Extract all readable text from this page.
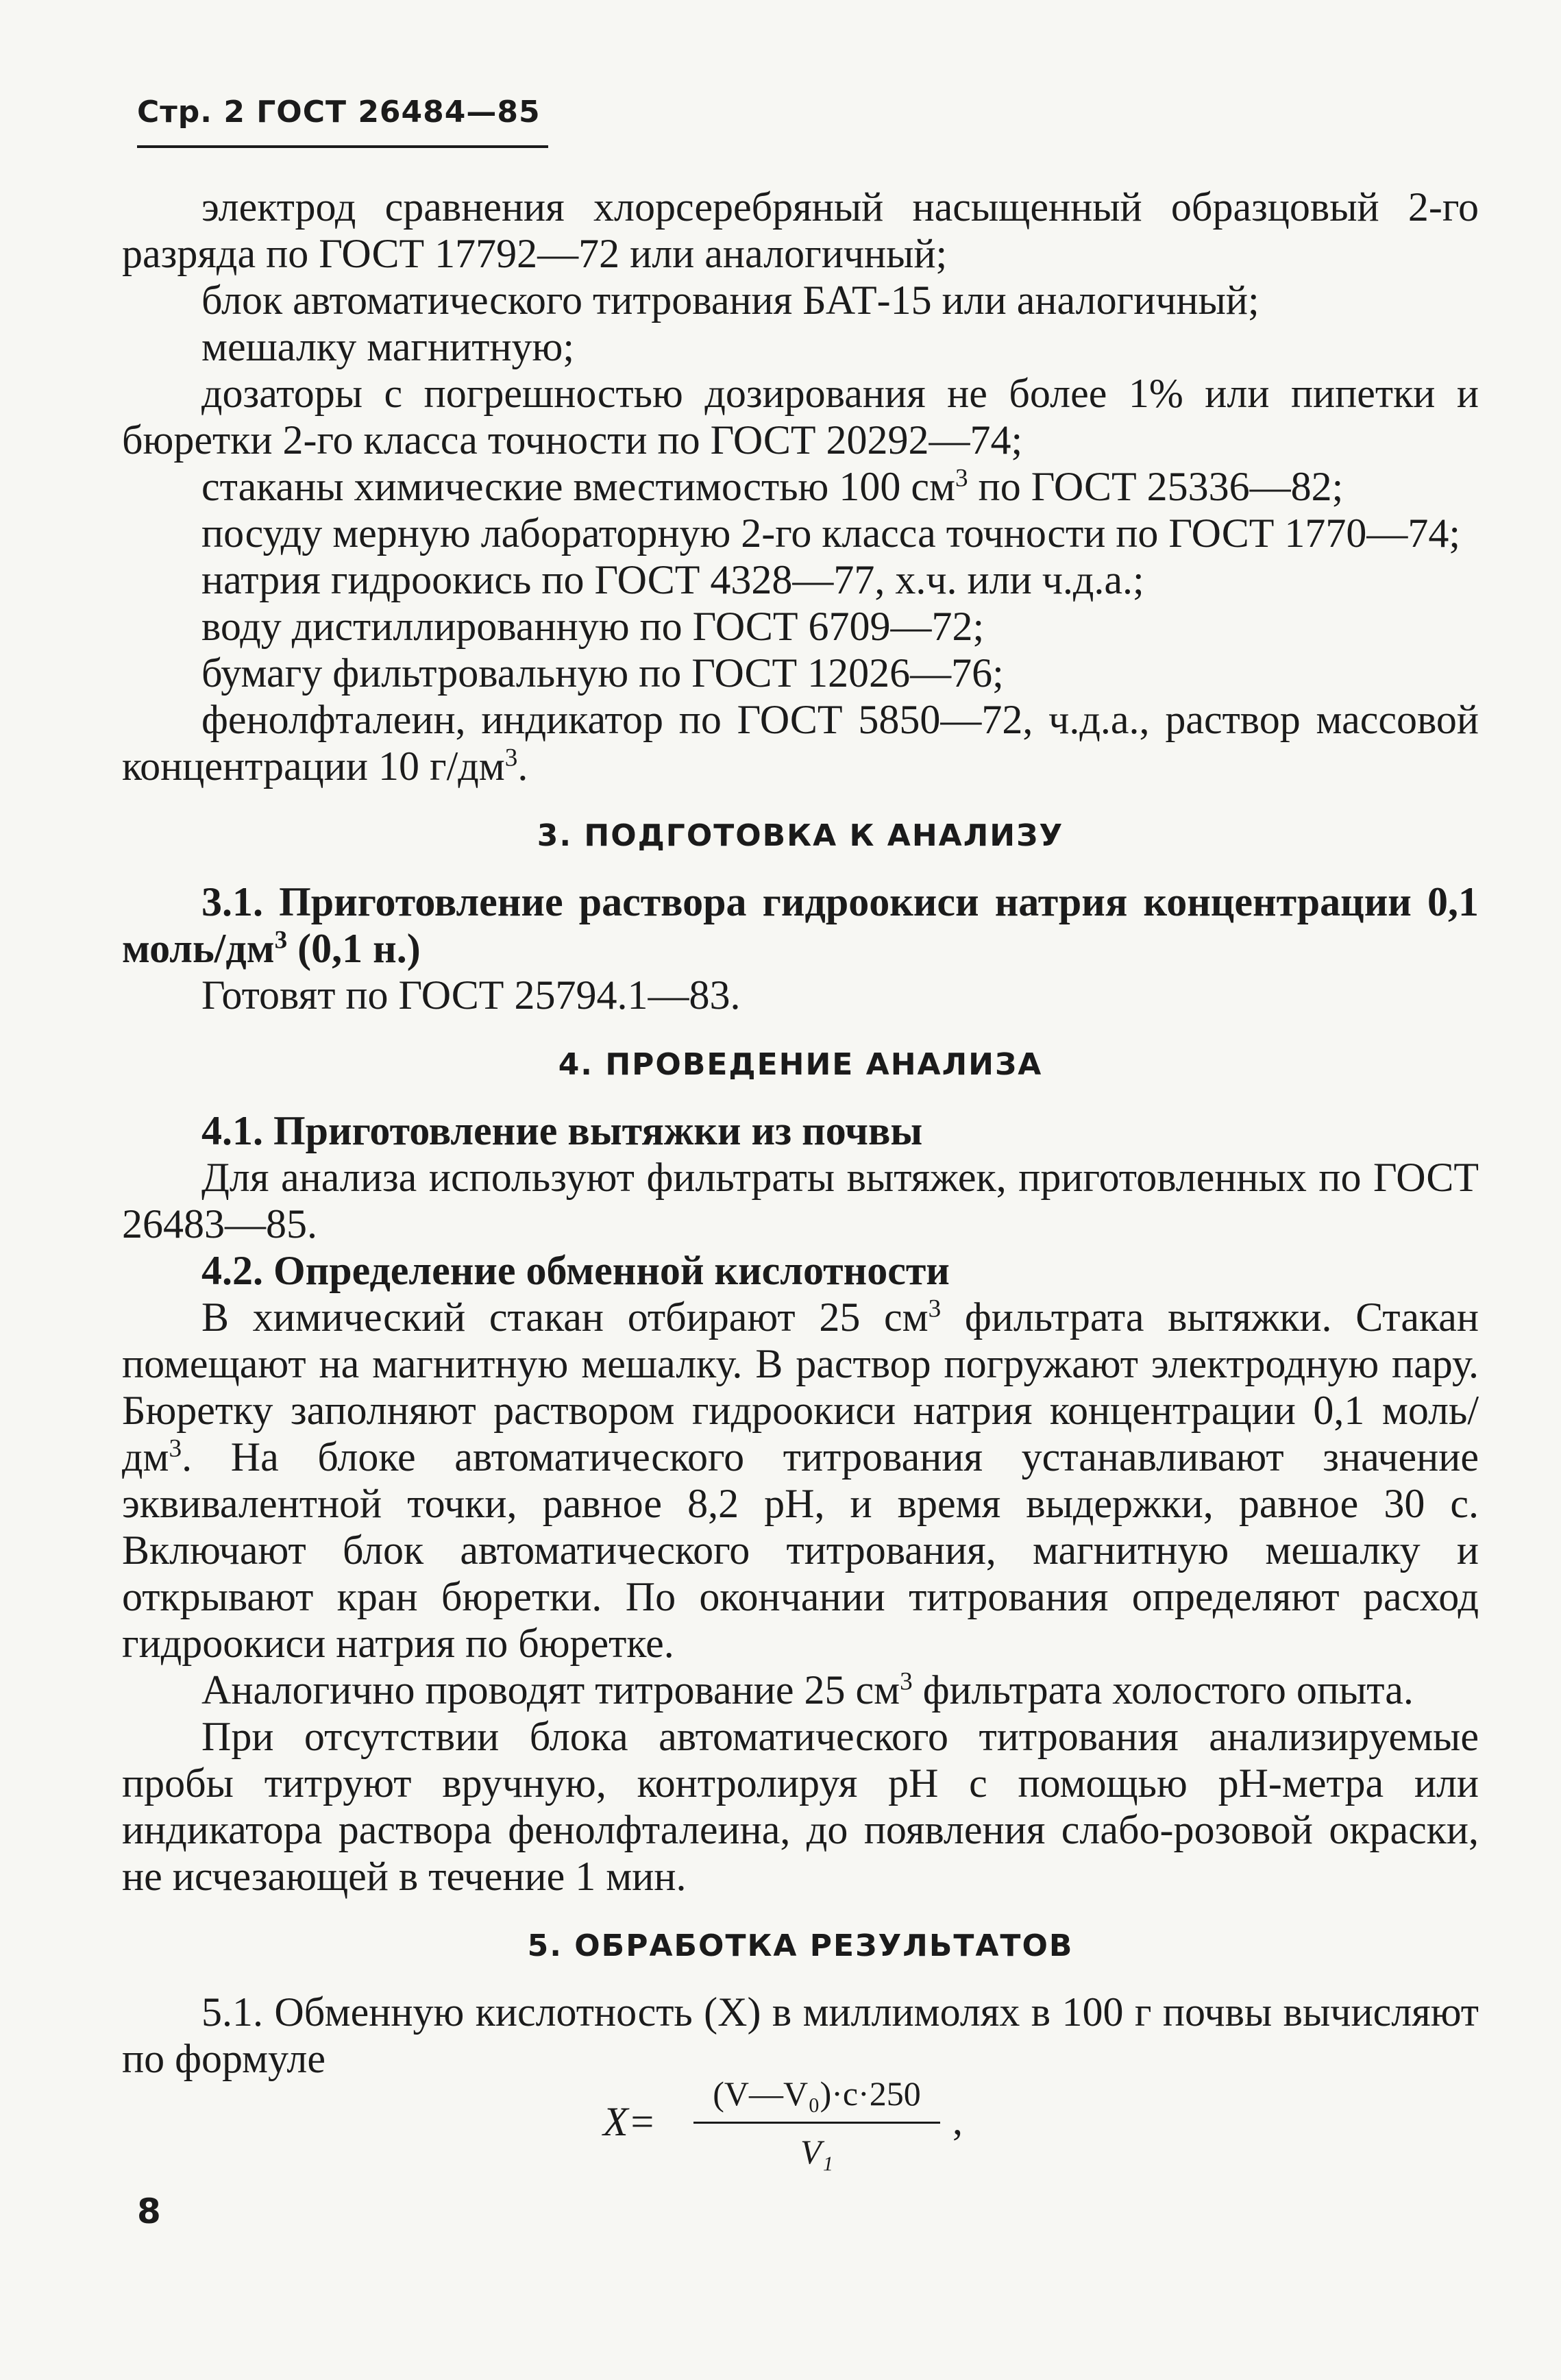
Стр. 2 ГОСТ 26484—85

электрод сравнения хлорсеребряный насыщенный образцовый 2-го разряда по ГОСТ 17792—72 или аналогичный;

блок автоматического титрования БАТ-15 или аналогичный;

мешалку магнитную;

дозаторы с погрешностью дозирования не более 1% или пипетки и бюретки 2-го класса точности по ГОСТ 20292—74;

стаканы химические вместимостью 100 $см^3$ по ГОСТ 25336—82;

посуду мерную лабораторную 2-го класса точности по ГОСТ 1770—74;

натрия гидроокись по ГОСТ 4328—77, х.ч. или ч.д.а.;

воду дистиллированную по ГОСТ 6709—72;

бумагу фильтровальную по ГОСТ 12026—76;

фенолфталеин, индикатор по ГОСТ 5850—72, ч.д.а., раствор массовой концентрации 10 $г/дм^3$.

3. ПОДГОТОВКА К АНАЛИЗУ

3.1. Приготовление раствора гидроокиси натрия концентрации 0,1 моль/$дм^3$ (0,1 н.)

Готовят по ГОСТ 25794.1—83.

4. ПРОВЕДЕНИЕ АНАЛИЗА

4.1. Приготовление вытяжки из почвы

Для анализа используют фильтраты вытяжек, приготовленных по ГОСТ 26483—85.

4.2. Определение обменной кислотности

В химический стакан отбирают 25 $см^3$ фильтрата вытяжки. Стакан помещают на магнитную мешалку. В раствор погружают электродную пару. Бюретку заполняют раствором гидроокиси натрия концентрации 0,1 моль/$дм^3$. На блоке автоматического титрования устанавливают значение эквивалентной точки, равное 8,2 pH, и время выдержки, равное 30 с. Включают блок автоматического титрования, магнитную мешалку и открывают кран бюретки. По окончании титрования определяют расход гидроокиси натрия по бюретке.

Аналогично проводят титрование 25 $см^3$ фильтрата холостого опыта.

При отсутствии блока автоматического титрования анализируемые пробы титруют вручную, контролируя pH с помощью pH-метра или индикатора раствора фенолфталеина, до появления слабо-розовой окраски, не исчезающей в течение 1 мин.

5. ОБРАБОТКА РЕЗУЛЬТАТОВ

5.1. Обменную кислотность (X) в миллимолях в 100 г почвы вычисляют по формуле

X=
(V—V₀)·c·250
V₁
,
8
